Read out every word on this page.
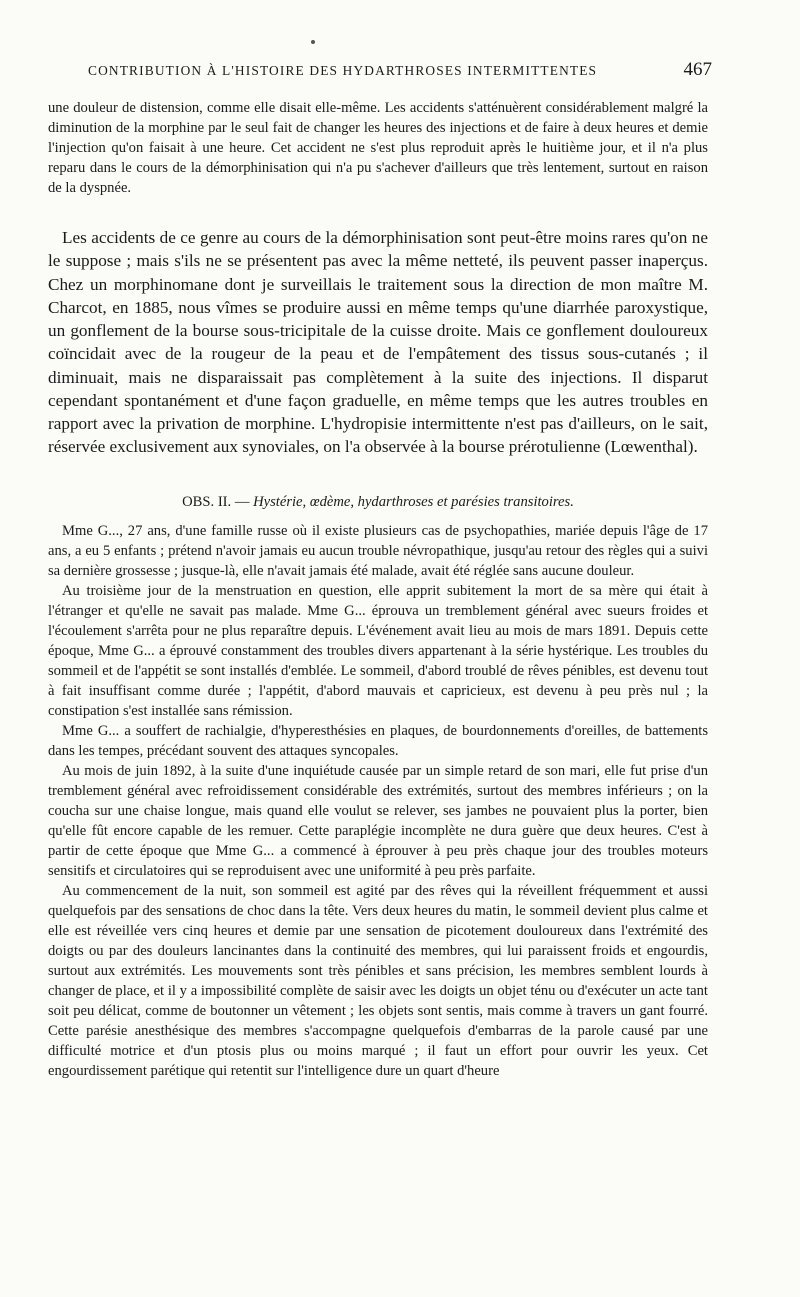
CONTRIBUTION À L'HISTOIRE DES HYDARTHROSES INTERMITTENTES	467

une douleur de distension, comme elle disait elle-même. Les accidents s'atténuèrent considérablement malgré la diminution de la morphine par le seul fait de changer les heures des injections et de faire à deux heures et demie l'injection qu'on faisait à une heure. Cet accident ne s'est plus reproduit après le huitième jour, et il n'a plus reparu dans le cours de la démorphinisation qui n'a pu s'achever d'ailleurs que très lentement, surtout en raison de la dyspnée.

Les accidents de ce genre au cours de la démorphinisation sont peut-être moins rares qu'on ne le suppose ; mais s'ils ne se présentent pas avec la même netteté, ils peuvent passer inaperçus. Chez un morphinomane dont je surveillais le traitement sous la direction de mon maître M. Charcot, en 1885, nous vîmes se produire aussi en même temps qu'une diarrhée paroxystique, un gonflement de la bourse sous-tricipitale de la cuisse droite. Mais ce gonflement douloureux coïncidait avec de la rougeur de la peau et de l'empâtement des tissus sous-cutanés ; il diminuait, mais ne disparaissait pas complètement à la suite des injections. Il disparut cependant spontanément et d'une façon graduelle, en même temps que les autres troubles en rapport avec la privation de morphine. L'hydropisie intermittente n'est pas d'ailleurs, on le sait, réservée exclusivement aux synoviales, on l'a observée à la bourse prérotulienne (Lœwenthal).

OBS. II. — Hystérie, œdème, hydarthroses et parésies transitoires.

Mme G..., 27 ans, d'une famille russe où il existe plusieurs cas de psychopathies, mariée depuis l'âge de 17 ans, a eu 5 enfants ; prétend n'avoir jamais eu aucun trouble névropathique, jusqu'au retour des règles qui a suivi sa dernière grossesse ; jusque-là, elle n'avait jamais été malade, avait été réglée sans aucune douleur.

Au troisième jour de la menstruation en question, elle apprit subitement la mort de sa mère qui était à l'étranger et qu'elle ne savait pas malade. Mme G... éprouva un tremblement général avec sueurs froides et l'écoulement s'arrêta pour ne plus reparaître depuis. L'événement avait lieu au mois de mars 1891. Depuis cette époque, Mme G... a éprouvé constamment des troubles divers appartenant à la série hystérique. Les troubles du sommeil et de l'appétit se sont installés d'emblée. Le sommeil, d'abord troublé de rêves pénibles, est devenu tout à fait insuffisant comme durée ; l'appétit, d'abord mauvais et capricieux, est devenu à peu près nul ; la constipation s'est installée sans rémission.

Mme G... a souffert de rachialgie, d'hyperesthésies en plaques, de bourdonnements d'oreilles, de battements dans les tempes, précédant souvent des attaques syncopales.

Au mois de juin 1892, à la suite d'une inquiétude causée par un simple retard de son mari, elle fut prise d'un tremblement général avec refroidissement considérable des extrémités, surtout des membres inférieurs ; on la coucha sur une chaise longue, mais quand elle voulut se relever, ses jambes ne pouvaient plus la porter, bien qu'elle fût encore capable de les remuer. Cette paraplégie incomplète ne dura guère que deux heures. C'est à partir de cette époque que Mme G... a commencé à éprouver à peu près chaque jour des troubles moteurs sensitifs et circulatoires qui se reproduisent avec une uniformité à peu près parfaite.

Au commencement de la nuit, son sommeil est agité par des rêves qui la réveillent fréquemment et aussi quelquefois par des sensations de choc dans la tête. Vers deux heures du matin, le sommeil devient plus calme et elle est réveillée vers cinq heures et demie par une sensation de picotement douloureux dans l'extrémité des doigts ou par des douleurs lancinantes dans la continuité des membres, qui lui paraissent froids et engourdis, surtout aux extrémités. Les mouvements sont très pénibles et sans précision, les membres semblent lourds à changer de place, et il y a impossibilité complète de saisir avec les doigts un objet ténu ou d'exécuter un acte tant soit peu délicat, comme de boutonner un vêtement ; les objets sont sentis, mais comme à travers un gant fourré. Cette parésie anesthésique des membres s'accompagne quelquefois d'embarras de la parole causé par une difficulté motrice et d'un ptosis plus ou moins marqué ; il faut un effort pour ouvrir les yeux. Cet engourdissement parétique qui retentit sur l'intelligence dure un quart d'heure
